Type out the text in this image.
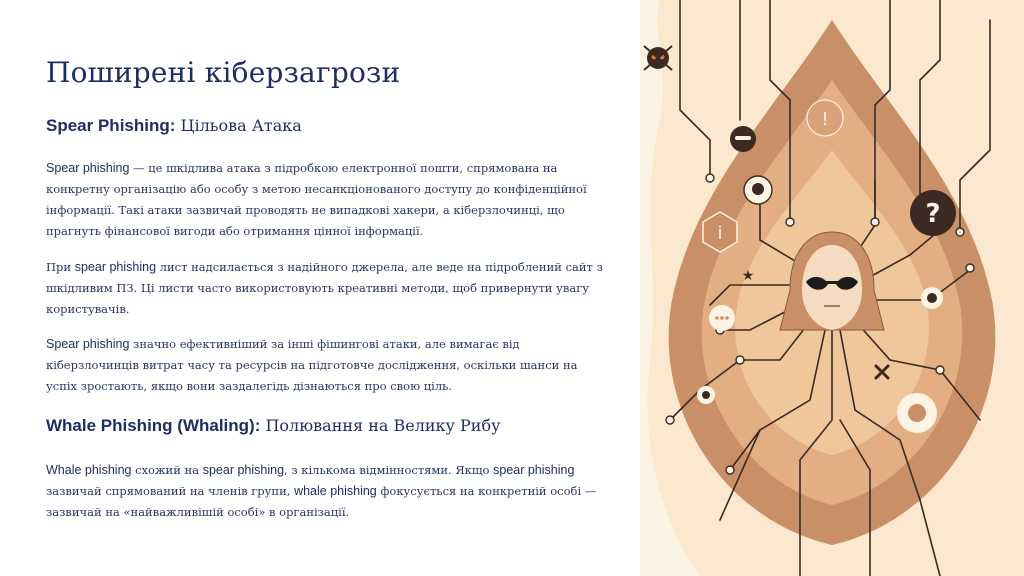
Поширені кіберзагрози
Spear Phishing: Цільова Атака
Spear phishing — це шкідлива атака з підробкою електронної пошти, спрямована на конкретну організацію або особу з метою несанкціонованого доступу до конфіденційної інформації. Такі атаки зазвичай проводять не випадкові хакери, а кіберзлочинці, що прагнуть фінансової вигоди або отримання цінної інформації.
При spear phishing лист надсилається з надійного джерела, але веде на підроблений сайт з шкідливим ПЗ. Ці листи часто використовують креативні методи, щоб привернути увагу користувачів.
Spear phishing значно ефективніший за інші фішингові атаки, але вимагає від кіберзлочинців витрат часу та ресурсів на підготовче дослідження, оскільки шанси на успіх зростають, якщо вони заздалегідь дізнаються про свою ціль.
Whale Phishing (Whaling): Полювання на Велику Рибу
Whale phishing схожий на spear phishing, з кількома відмінностями. Якщо spear phishing зазвичай спрямований на членів групи, whale phishing фокусується на конкретній особі — зазвичай на «найважливішій особі» в організації.
?
i
!
★
